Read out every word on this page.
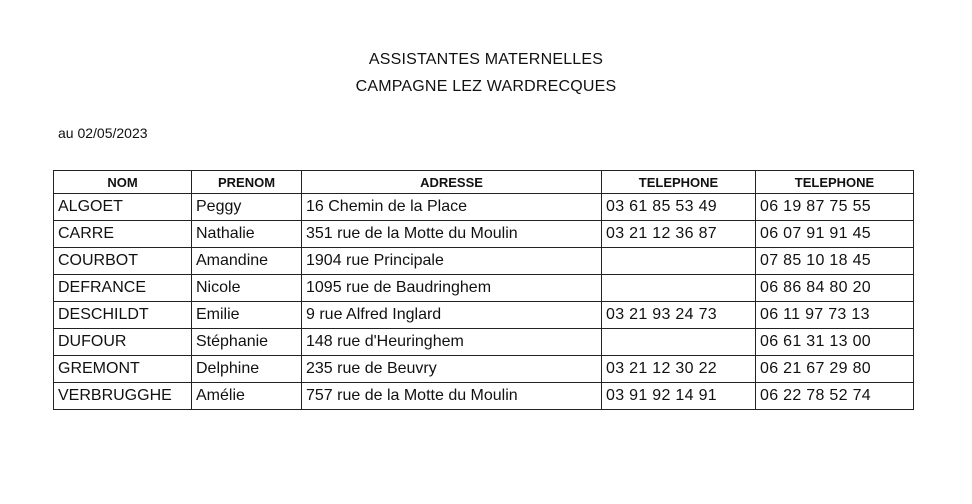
ASSISTANTES MATERNELLES
CAMPAGNE LEZ WARDRECQUES
au 02/05/2023
NOM	PRENOM	ADRESSE	TELEPHONE	TELEPHONE
ALGOET	Peggy	16 Chemin de la Place	03 61 85 53 49	06 19 87 75 55
CARRE	Nathalie	351 rue de la Motte du Moulin	03 21 12 36 87	06 07 91 91 45
COURBOT	Amandine	1904 rue Principale		07 85 10 18 45
DEFRANCE	Nicole	1095 rue de Baudringhem		06 86 84 80 20
DESCHILDT	Emilie	9 rue Alfred Inglard	03 21 93 24 73	06 11 97 73 13
DUFOUR	Stéphanie	148 rue d'Heuringhem		06 61 31 13 00
GREMONT	Delphine	235 rue de Beuvry	03 21 12 30 22	06 21 67 29 80
VERBRUGGHE	Amélie	757 rue de la Motte du Moulin	03 91 92 14 91	06 22 78 52 74
